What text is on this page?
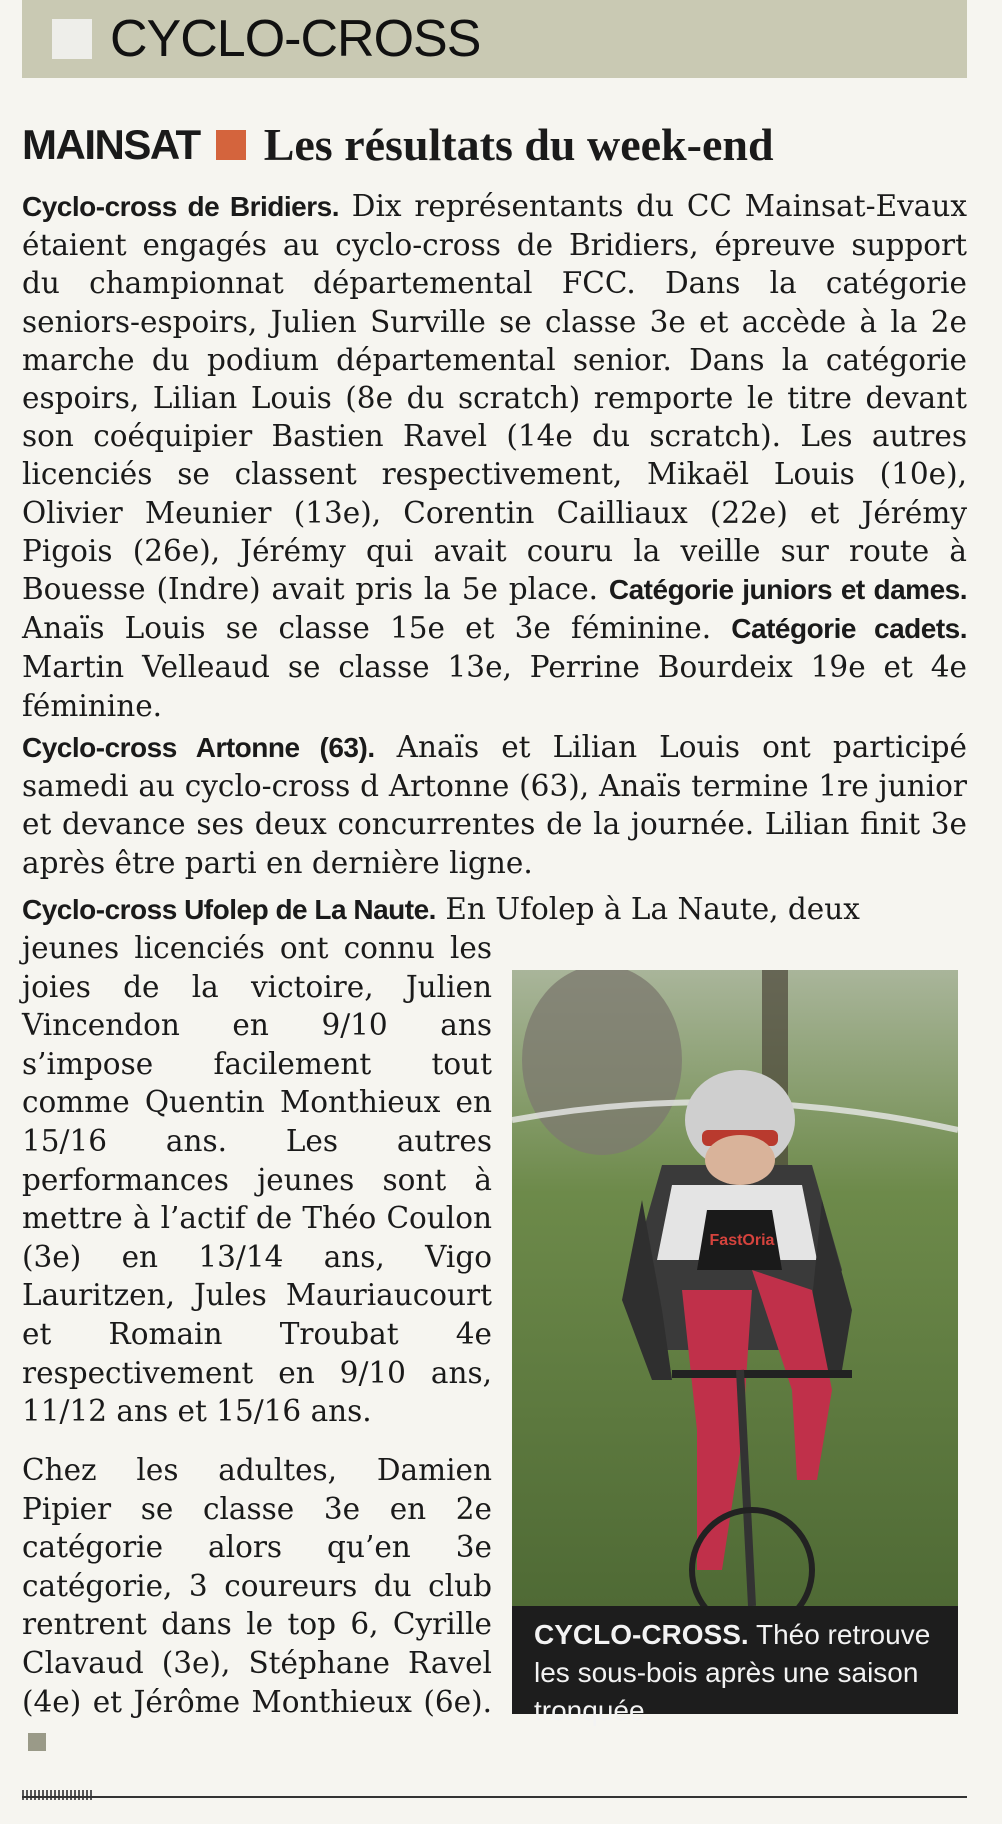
CYCLO-CROSS
MAINSAT Les résultats du week-end

Cyclo-cross de Bridiers. Dix représentants du CC Mainsat-Evaux étaient engagés au cyclo-cross de Bridiers, épreuve support du championnat départemental FCC. Dans la catégorie seniors-espoirs, Julien Surville se classe 3e et accède à la 2e marche du podium départemental senior. Dans la catégorie espoirs, Lilian Louis (8e du scratch) remporte le titre devant son coéquipier Bastien Ravel (14e du scratch). Les autres licenciés se classent respectivement, Mikaël Louis (10e), Olivier Meunier (13e), Corentin Cailliaux (22e) et Jérémy Pigois (26e), Jérémy qui avait couru la veille sur route à Bouesse (Indre) avait pris la 5e place. Catégorie juniors et dames. Anaïs Louis se classe 15e et 3e féminine. Catégorie cadets. Martin Velleaud se classe 13e, Perrine Bourdeix 19e et 4e féminine.

Cyclo-cross Artonne (63). Anaïs et Lilian Louis ont participé samedi au cyclo-cross d Artonne (63), Anaïs termine 1re junior et devance ses deux concurrentes de la journée. Lilian finit 3e après être parti en dernière ligne.

Cyclo-cross Ufolep de La Naute. En Ufolep à La Naute, deux

jeunes licenciés ont connu les joies de la victoire, Julien Vincendon en 9/10 ans s’impose facilement tout comme Quentin Monthieux en 15/16 ans. Les autres performances jeunes sont à mettre à l’actif de Théo Coulon (3e) en 13/14 ans, Vigo Lauritzen, Jules Mauriaucourt et Romain Troubat 4e respectivement en 9/10 ans, 11/12 ans et 15/16 ans.

Chez les adultes, Damien Pipier se classe 3e en 2e catégorie alors qu’en 3e catégorie, 3 coureurs du club rentrent dans le top 6, Cyrille Clavaud (3e), Stéphane Ravel (4e) et Jérôme Monthieux (6e).

FastOria
CYCLO-CROSS. Théo retrouve les sous-bois après une saison tronquée.
